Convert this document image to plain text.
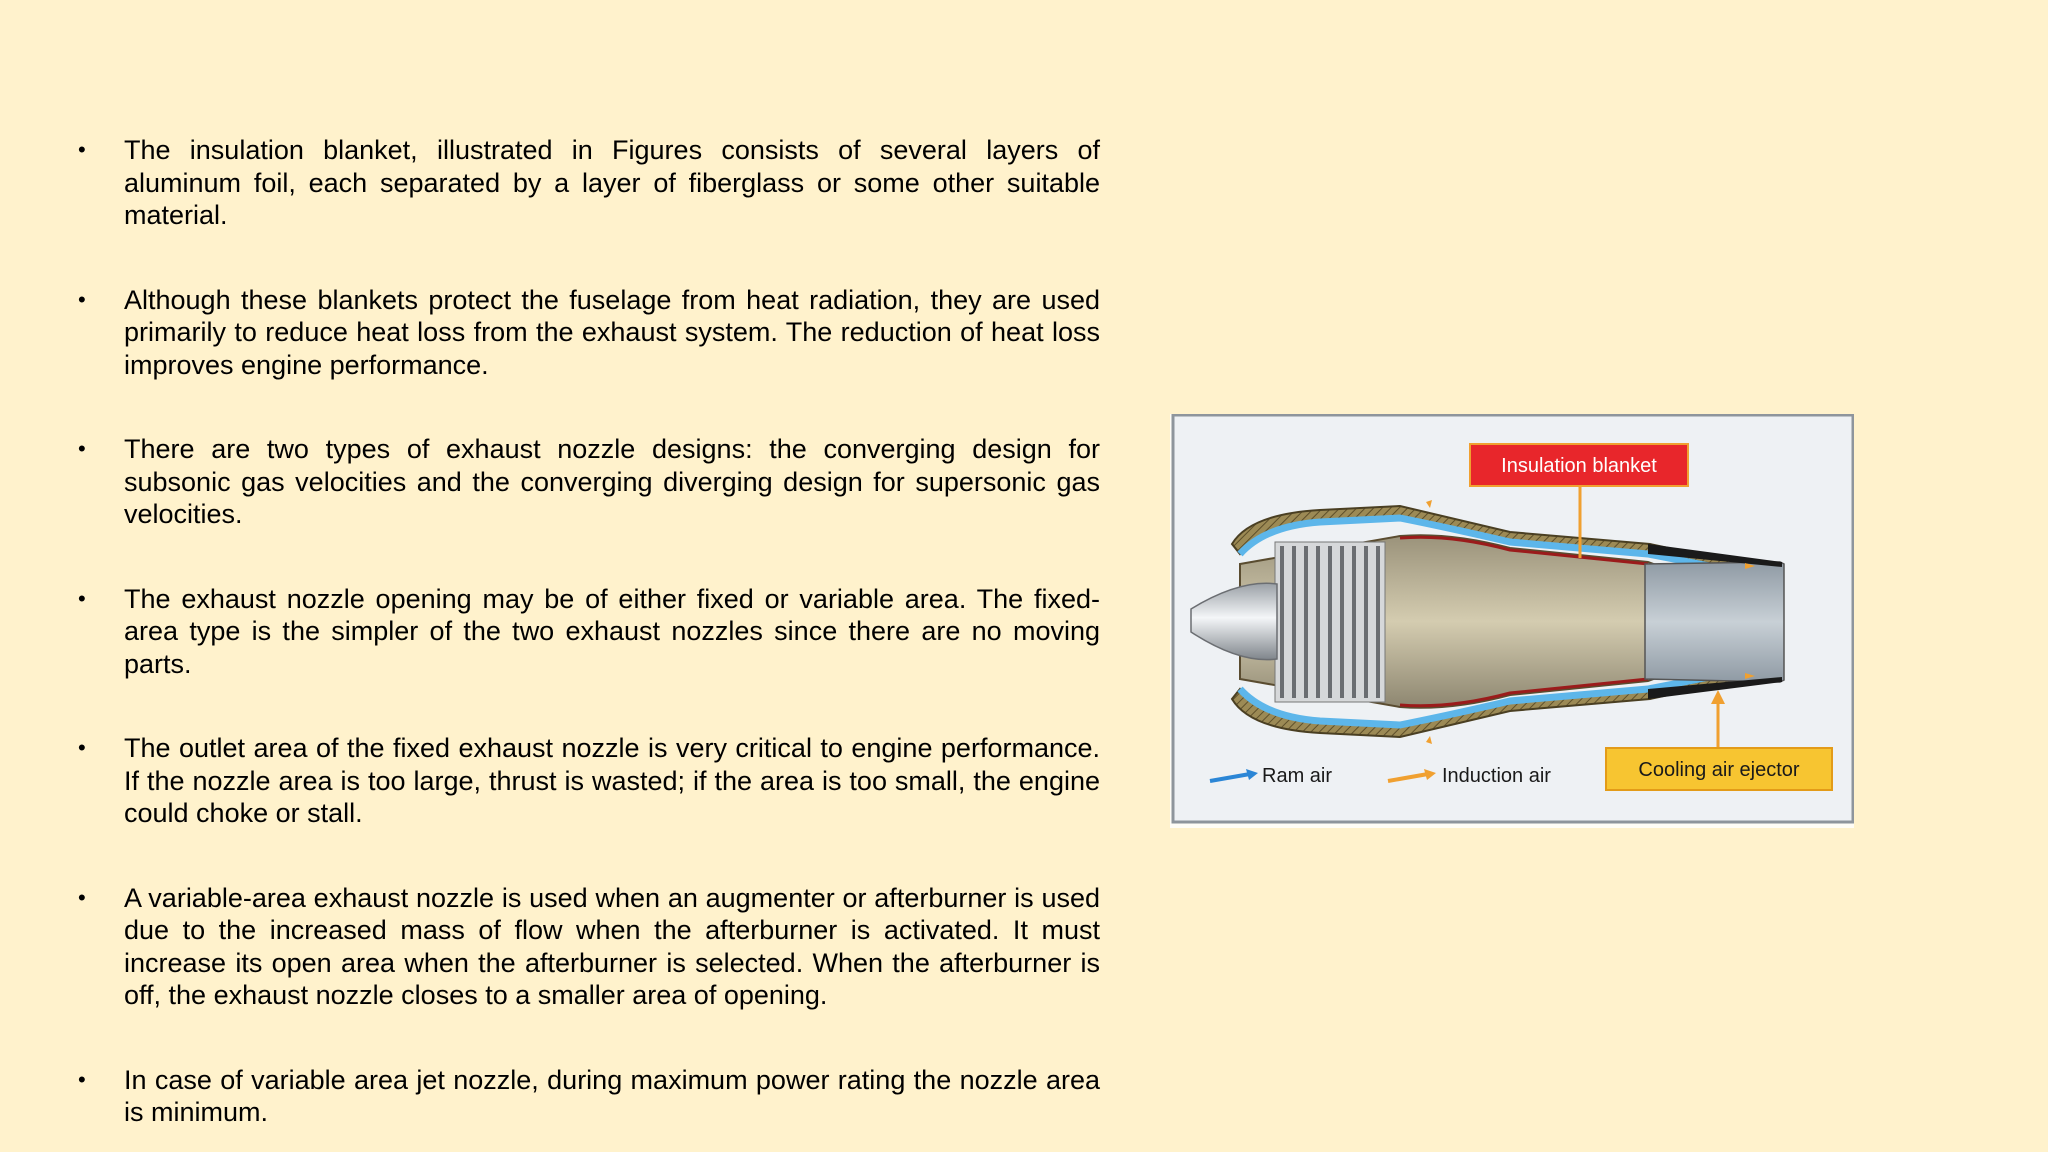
• The insulation blanket, illustrated in Figures consists of several layers of aluminum foil, each separated by a layer of fiberglass or some other suitable material.
• Although these blankets protect the fuselage from heat radiation, they are used primarily to reduce heat loss from the exhaust system. The reduction of heat loss improves engine performance.
• There are two types of exhaust nozzle designs: the converging design for subsonic gas velocities and the converging diverging design for supersonic gas velocities.
• The exhaust nozzle opening may be of either fixed or variable area. The fixed-area type is the simpler of the two exhaust nozzles since there are no moving parts.
• The outlet area of the fixed exhaust nozzle is very critical to engine performance. If the nozzle area is too large, thrust is wasted; if the area is too small, the engine could choke or stall.
• A variable-area exhaust nozzle is used when an augmenter or afterburner is used due to the increased mass of flow when the afterburner is activated. It must increase its open area when the afterburner is selected. When the afterburner is off, the exhaust nozzle closes to a smaller area of opening.
• In case of variable area jet nozzle, during maximum power rating the nozzle area is minimum.
Insulation blanket
Cooling air ejector
Ram air	Induction air
